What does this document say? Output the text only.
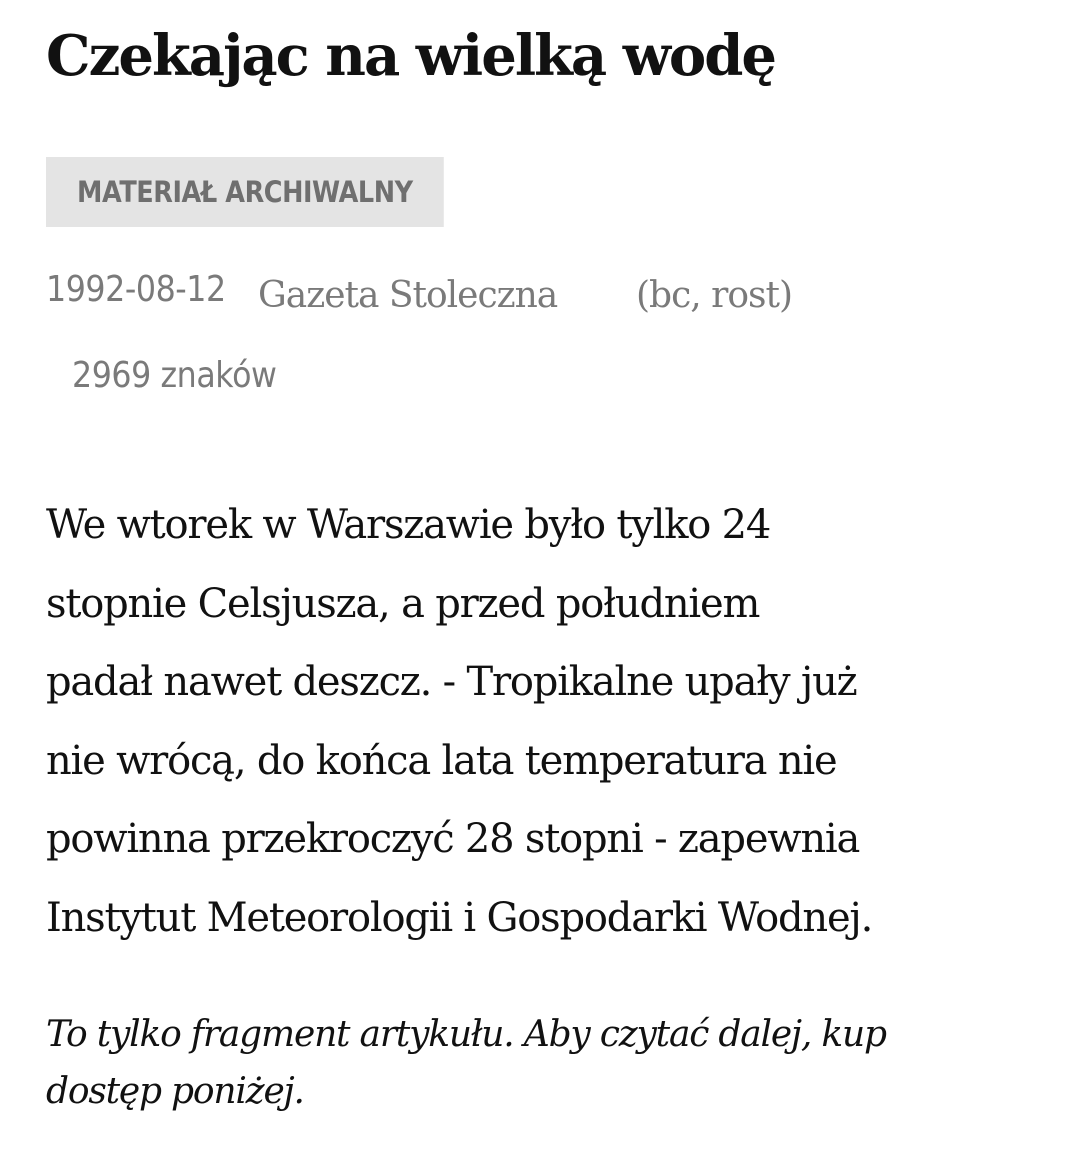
Czekając na wielką wodę
MATERIAŁ ARCHIWALNY
1992-08-12 Gazeta Stoleczna (bc, rost)
2969 znaków

We wtorek w Warszawie było tylko 24
stopnie Celsjusza, a przed południem
padał nawet deszcz. - Tropikalne upały już
nie wrócą, do końca lata temperatura nie
powinna przekroczyć 28 stopni - zapewnia
Instytut Meteorologii i Gospodarki Wodnej.

To tylko fragment artykułu. Aby czytać dalej, kup
dostęp poniżej.
